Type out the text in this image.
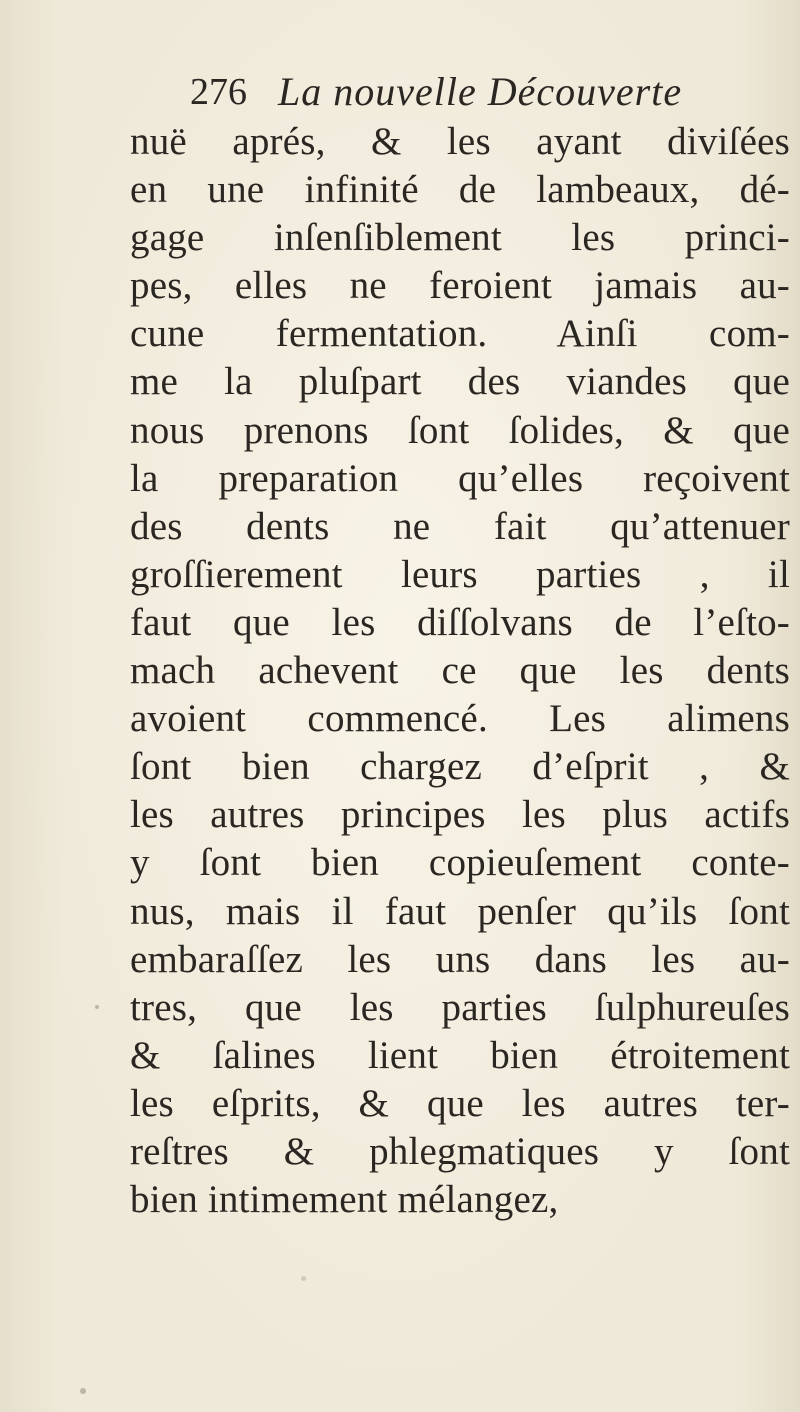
276 La nouvelle Découverte
nuë aprés, & les ayant diviſées
en une infinité de lambeaux, dé-
gage inſenſiblement les princi-
pes, elles ne feroient jamais au-
cune fermentation. Ainſi com-
me la pluſpart des viandes que
nous prenons ſont ſolides, & que
la preparation qu’elles reçoivent
des dents ne fait qu’attenuer
groſſierement leurs parties , il
faut que les diſſolvans de l’eſto-
mach achevent ce que les dents
avoient commencé. Les alimens
ſont bien chargez d’eſprit , &
les autres principes les plus actifs
y ſont bien copieuſement conte-
nus, mais il faut penſer qu’ils ſont
embaraſſez les uns dans les au-
tres, que les parties ſulphureuſes
& ſalines lient bien étroitement
les eſprits, & que les autres ter-
reſtres & phlegmatiques y ſont
bien intimement mélangez,
